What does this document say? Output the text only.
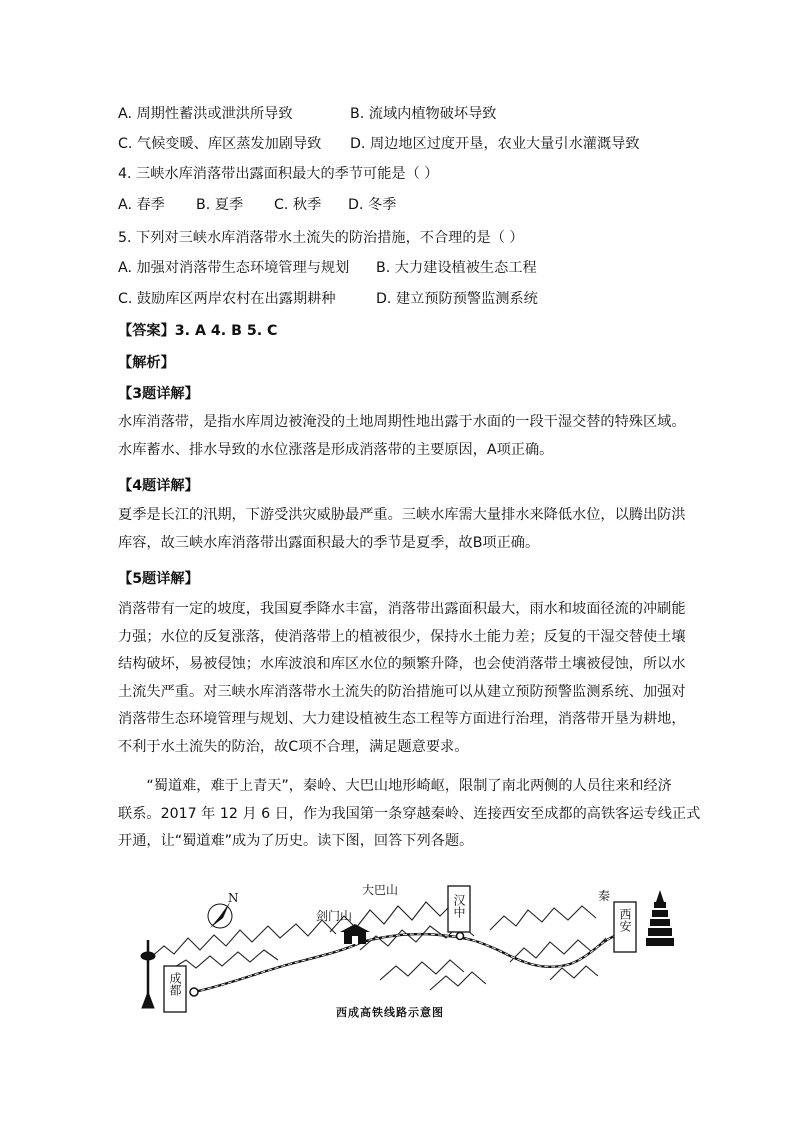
A. 周期性蓄洪或泄洪所导致	B. 流域内植物破坏导致
C. 气候变暖、库区蒸发加剧导致 D. 周边地区过度开垦，农业大量引水灌溉导致
4. 三峡水库消落带出露面积最大的季节可能是（ ）
A. 春季 B. 夏季 C. 秋季 D. 冬季
5. 下列对三峡水库消落带水土流失的防治措施，不合理的是（ ）
A. 加强对消落带生态环境管理与规划 B. 大力建设植被生态工程
C. 鼓励库区两岸农村在出露期耕种	D. 建立预防预警监测系统
【答案】3. A 4. B 5. C
【解析】
【3题详解】
水库消落带，是指水库周边被淹没的土地周期性地出露于水面的一段干湿交替的特殊区域。
水库蓄水、排水导致的水位涨落是形成消落带的主要原因，A项正确。
【4题详解】
夏季是长江的汛期，下游受洪灾威胁最严重。三峡水库需大量排水来降低水位，以腾出防洪
库容，故三峡水库消落带出露面积最大的季节是夏季，故B项正确。
【5题详解】
消落带有一定的坡度，我国夏季降水丰富，消落带出露面积最大，雨水和坡面径流的冲刷能
力强；水位的反复涨落，使消落带上的植被很少，保持水土能力差；反复的干湿交替使土壤
结构破坏，易被侵蚀；水库波浪和库区水位的频繁升降，也会使消落带土壤被侵蚀，所以水
土流失严重。对三峡水库消落带水土流失的防治措施可以从建立预防预警监测系统、加强对
消落带生态环境管理与规划、大力建设植被生态工程等方面进行治理，消落带开垦为耕地，
不利于水土流失的防治，故C项不合理，满足题意要求。
　　“蜀道难，难于上青天”，秦岭、大巴山地形崎岖，限制了南北两侧的人员往来和经济
联系。2017 年 12 月 6 日，作为我国第一条穿越秦岭、连接西安至成都的高铁客运专线正式
开通，让“蜀道难”成为了历史。读下图，回答下列各题。
N
大巴山
剑门山
秦
汉中
西安
成都
西成高铁线路示意图
